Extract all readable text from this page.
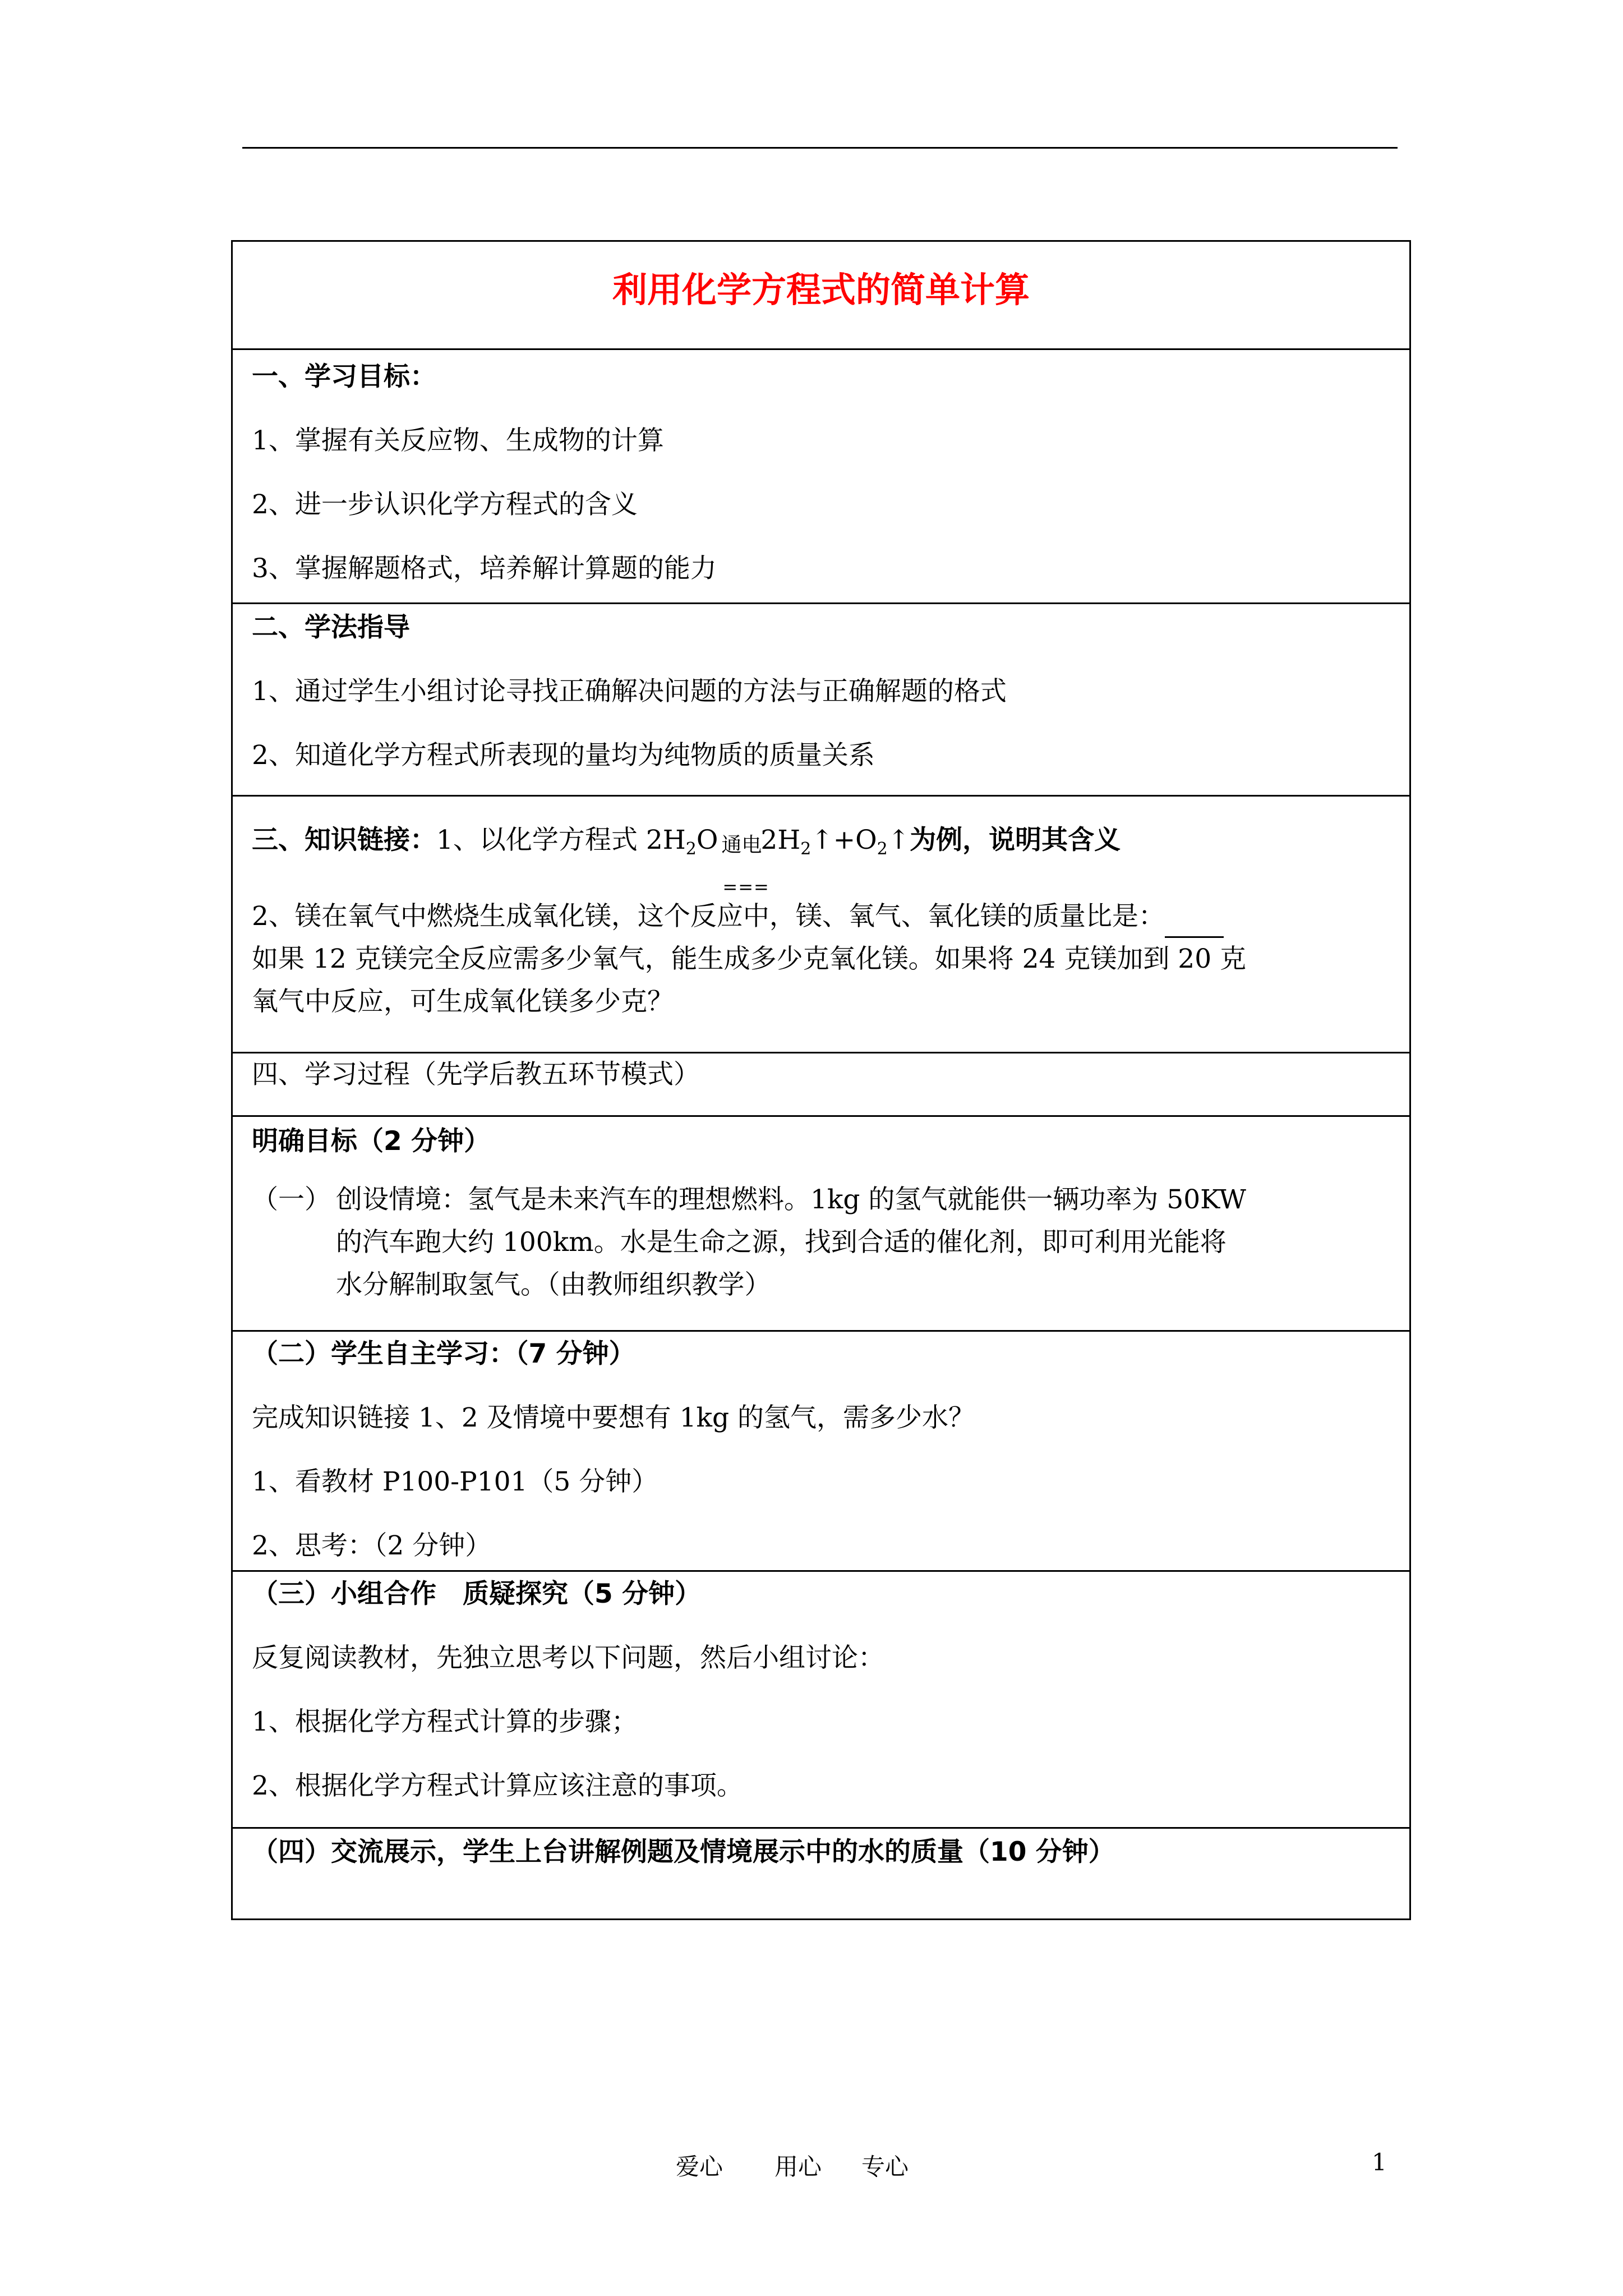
利用化学方程式的简单计算
一、学习目标：
1、掌握有关反应物、生成物的计算
2、进一步认识化学方程式的含义
3、掌握解题格式，培养解计算题的能力
二、学法指导
1、通过学生小组讨论寻找正确解决问题的方法与正确解题的格式
2、知道化学方程式所表现的量均为纯物质的质量关系
三、知识链接：1、以化学方程式 $2H_2O$ 通电
===
$2H_2↑+O_2↑$为例，说明其含义
2、镁在氧气中燃烧生成氧化镁，这个反应中，镁、氧气、氧化镁的质量比是：
如果 12 克镁完全反应需多少氧气，能生成多少克氧化镁。如果将 24 克镁加到 20 克
氧气中反应，可生成氧化镁多少克？
四、学习过程（先学后教五环节模式）
明确目标（2 分钟）
（一） 创设情境：氢气是未来汽车的理想燃料。1kg 的氢气就能供一辆功率为 50KW
的汽车跑大约 100km。水是生命之源，找到合适的催化剂，即可利用光能将
水分解制取氢气。（由教师组织教学）
（二）学生自主学习：（7 分钟）
完成知识链接 1、2 及情境中要想有 1kg 的氢气，需多少水？
1、看教材 P100-P101（5 分钟）
2、思考：（2 分钟）
（三）小组合作　质疑探究（5 分钟）
反复阅读教材，先独立思考以下问题，然后小组讨论：
1、根据化学方程式计算的步骤；
2、根据化学方程式计算应该注意的事项。
（四）交流展示，学生上台讲解例题及情境展示中的水的质量（10 分钟）
爱心 用心 专心	1
